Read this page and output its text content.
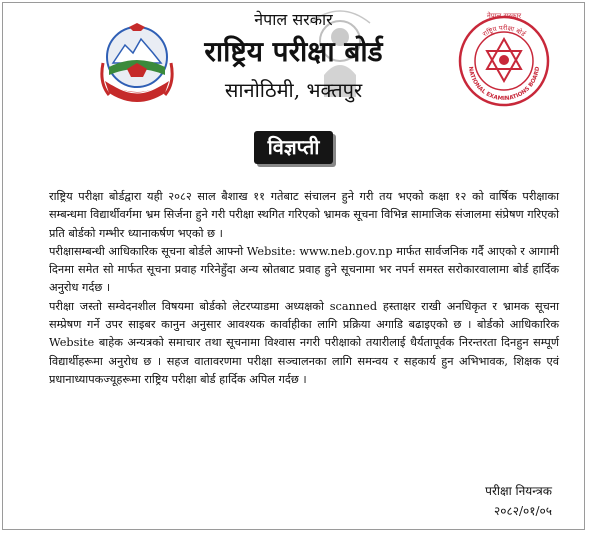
नेपाल सरकार
राष्ट्रिय परीक्षा बोर्ड
सानोठिमी, भक्तपुर
नेपाल सरकार
राष्ट्रिय परीक्षा बोर्ड
NATIONAL EXAMINATIONS BOARD
विज्ञप्ती

राष्ट्रिय परीक्षा बोर्डद्वारा यही २०८२ साल बैशाख ११ गतेबाट संचालन हुने गरी तय भएको कक्षा १२ को वार्षिक परीक्षाका सम्बन्धमा विद्यार्थीवर्गमा भ्रम सिर्जना हुने गरी परीक्षा स्थगित गरिएको भ्रामक सूचना विभिन्न सामाजिक संजालमा संप्रेषण गरिएको प्रति बोर्डको गम्भीर ध्यानाकर्षण भएको छ ।

परीक्षासम्बन्धी आधिकारिक सूचना बोर्डले आफ्नो Website: www.neb.gov.np मार्फत सार्वजनिक गर्दै आएको र आगामी दिनमा समेत सो मार्फत सूचना प्रवाह गरिनेहुँदा अन्य स्रोतबाट प्रवाह हुने सूचनामा भर नपर्न समस्त सरोकारवालामा बोर्ड हार्दिक अनुरोध गर्दछ ।

परीक्षा जस्तो सम्वेदनशील विषयमा बोर्डको लेटरप्याडमा अध्यक्षको scanned हस्ताक्षर राखी अनधिकृत र भ्रामक सूचना सम्प्रेषण गर्ने उपर साइबर कानुन अनुसार आवश्यक कार्वाहीका लागि प्रक्रिया अगाडि बढाइएको छ । बोर्डको आधिकारिक Website बाहेक अन्यत्रको समाचार तथा सूचनामा विश्वास नगरी परीक्षाको तयारीलाई धैर्यतापूर्वक निरन्तरता दिनहुन सम्पूर्ण विद्यार्थीहरूमा अनुरोध छ । सहज वातावरणमा परीक्षा सञ्चालनका लागि समन्वय र सहकार्य हुन अभिभावक, शिक्षक एवं प्रधानाध्यापकज्यूहरूमा राष्ट्रिय परीक्षा बोर्ड हार्दिक अपिल गर्दछ ।

परीक्षा नियन्त्रक
२०८२/०१/०५
